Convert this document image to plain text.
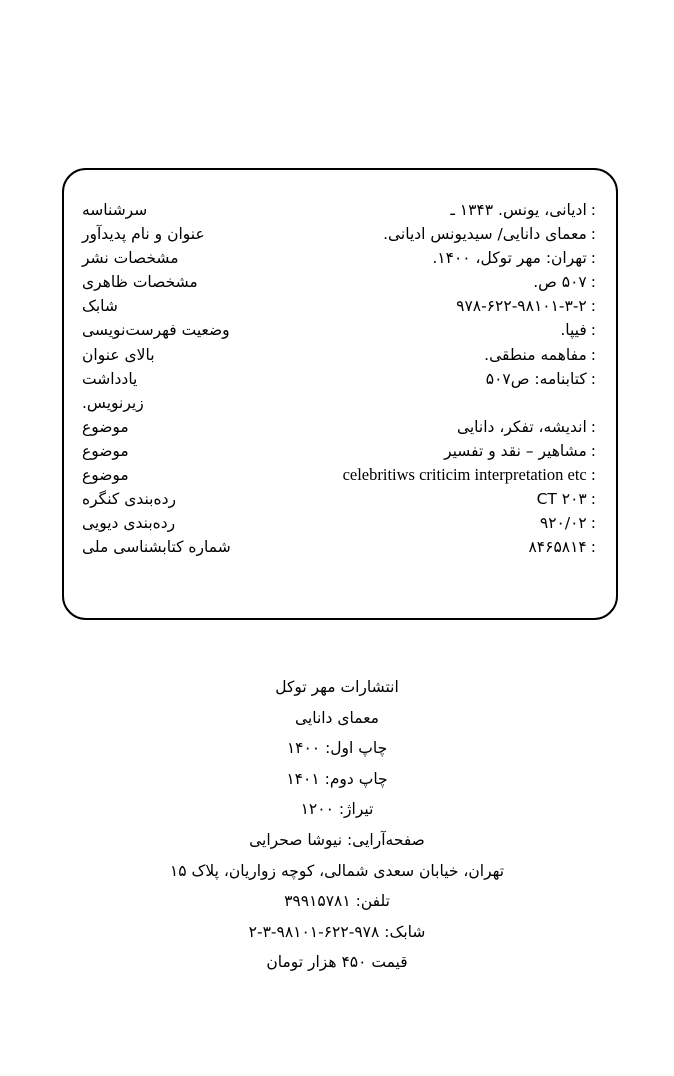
:ادیانی، یونس. ۱۳۴۳ ـ	سرشناسه
:معمای دانایی/ سیدیونس ادیانی.	عنوان و نام پدیدآور
:تهران: مهر توکل، ۱۴۰۰.	مشخصات نشر
:۵۰۷ ص.	مشخصات ظاهری
:۹۷۸-۶۲۲-۹۸۱۰۱-۳-۲	شابک
:فیپا.	وضعیت فهرست‌نویسی
:مفاهمه منطقی.	بالای عنوان
:کتابنامه: ص۵۰۷	یادداشت
	زیرنویس.
:اندیشه، تفکر، دانایی	موضوع
:مشاهیر – نقد و تفسیر	موضوع
:celebritiws criticim interpretation etc	موضوع
:CT ۲۰۳	رده‌بندی کنگره
:۹۲۰/۰۲	رده‌بندی دیویی
:۸۴۶۵۸۱۴	شماره کتابشناسی ملی
انتشارات مهر توکل
معمای دانایی
چاپ اول: ۱۴۰۰
چاپ دوم: ۱۴۰۱
تیراژ: ۱۲۰۰
صفحه‌آرایی: نیوشا صحرایی
تهران، خیابان سعدی شمالی، کوچه زواریان، پلاک ۱۵
تلفن: ۳۹۹۱۵۷۸۱
شابک: ۹۷۸-۶۲۲-۹۸۱۰۱-۳-۲
قیمت ۴۵۰ هزار تومان
